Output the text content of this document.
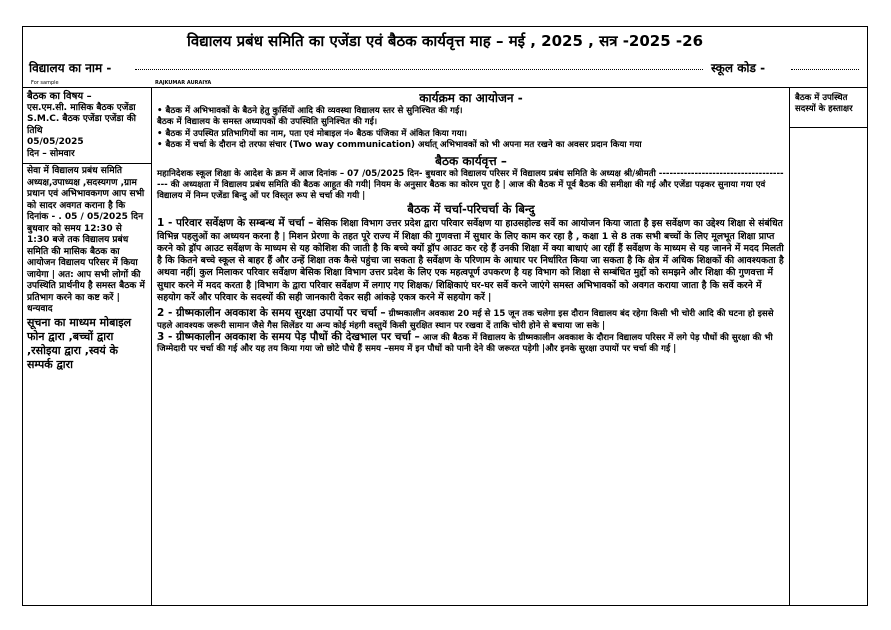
विद्यालय प्रबंध समिति का एजेंडा एवं बैठक कार्यवृत्त माह – मई , 2025 , सत्र -2025 -26
विद्यालय का नाम -	स्कूल कोड -
For sample	RAJKUMAR AURAIYA
बैठक का विषय –
एस.एम.सी. मासिक बैठक एजेंडा S.M.C. बैठक एजेंडा एजेंडा की तिथि
05/05/2025
दिन – सोमवार
सेवा में विद्यालय प्रबंध समिति अध्यक्ष,उपाध्यक्ष ,सदस्यगण ,ग्राम प्रधान एवं अभिभावकगण आप सभी को सादर अवगत कराना है कि दिनांक - . 05 / 05/2025 दिन बुधवार को समय 12:30 से 1:30 बजे तक विद्यालय प्रबंध समिति की मासिक बैठक का आयोजन विद्यालय परिसर में किया जायेगा | अत: आप सभी लोगों की उपस्थिति प्रार्थनीय है समस्त बैठक में प्रतिभाग करने का कष्ट करें |
धन्यवाद
सूचना का माध्यम मोबाइल फोन द्वारा ,बच्चों द्वारा ,रसोइया द्वारा ,स्वयं के सम्पर्क द्वारा
बैठक में उपस्थित सदस्यों के हस्ताक्षर
कार्यक्रम का आयोजन -

• बैठक में अभिभावकों के बैठने हेतु कुर्सियों आदि की व्यवस्था विद्यालय स्तर से सुनिश्चित की गई।

बैठक में विद्यालय के समस्त अध्यापकों की उपस्थिति सुनिश्चित की गई।

• बैठक में उपस्थित प्रतिभागियों का नाम, पता एवं मोबाइल नं० बैठक पंजिका में अंकित किया गया।

• बैठक में चर्चा के दौरान दो तरफा संचार (Two way communication) अर्थात् अभिभावकों को भी अपना मत रखने का अवसर प्रदान किया गया

बैठक कार्यवृत्त –

महानिदेशक स्कूल शिक्षा के आदेश के क्रम में आज दिनांक – 07 /05/2025 दिन- बुधवार को विद्यालय परिसर में विद्यालय प्रबंध समिति के अध्यक्ष श्री/श्रीमती -------------------------------------- की अध्यक्षता में विद्यालय प्रबंध समिति की बैठक आहूत की गयी| नियम के अनुसार बैठक का कोरम पूरा है | आज की बैठक में पूर्व बैठक की समीक्षा की गई और एजेंडा पढ़कर सुनाया गया एवं विद्यालय में निम्न एजेंडा बिन्दु ओं पर विस्तृत रूप से चर्चा की गयी |

बैठक में चर्चा-परिचर्चा के बिन्दु

1 - परिवार सर्वेक्षण के सम्बन्ध में चर्चा – बेसिक शिक्षा विभाग उत्तर प्रदेश द्वारा परिवार सर्वेक्षण या हाउसहोल्ड सर्वे का आयोजन किया जाता है इस सर्वेक्षण का उद्देश्य शिक्षा से संबंधित विभिन्न पहलुओं का अध्ययन करना है | मिशन प्रेरणा के तहत पूरे राज्य में शिक्षा की गुणवत्ता में सुधार के लिए काम कर रहा है , कक्षा 1 से 8 तक सभी बच्चों के लिए मूलभूत शिक्षा प्राप्त करने को ड्रॉप आउट सर्वेक्षण के माध्यम से यह कोशिश की जाती है कि बच्चे क्यों ड्रॉप आउट कर रहे हैं उनकी शिक्षा में क्या बाधाएं आ रहीं हैं सर्वेक्षण के माध्यम से यह जानने में मदद मिलती है कि कितने बच्चे स्कूल से बाहर हैं और उन्हें शिक्षा तक कैसे पहुंचा जा सकता है सर्वेक्षण के परिणाम के आधार पर निर्धारित किया जा सकता है कि क्षेत्र में अधिक शिक्षकों की आवश्यकता है अथवा नहीं| कुल मिलाकर परिवार सर्वेक्षण बेसिक शिक्षा विभाग उत्तर प्रदेश के लिए एक महत्वपूर्ण उपकरण है यह विभाग को शिक्षा से सम्बंधित मुद्दों को समझने और शिक्षा की गुणवत्ता में सुधार करने में मदद करता है |विभाग के द्वारा परिवार सर्वेक्षण में लगाए गए शिक्षक/ शिक्षिकाएं घर-घर सर्वे करने जाएंगे समस्त अभिभावकों को अवगत कराया जाता है कि सर्वे करने में सहयोग करें और परिवार के सदस्यों की सही जानकारी देकर सही आंकड़े एकत्र करने में सहयोग करें |

2 - ग्रीष्मकालीन अवकाश के समय सुरक्षा उपायों पर चर्चा – ग्रीष्मकालीन अवकाश 20 मई से 15 जून तक चलेगा इस दौरान विद्यालय बंद रहेगा किसी भी चोरी आदि की घटना हो इससे पहले आवश्यक जरूरी सामान जैसे गैस सिलेंडर या अन्य कोई मंहगी वस्तुयें किसी सुरक्षित स्थान पर रखवा दें ताकि चोरी होने से बचाया जा सके |

3 - ग्रीष्मकालीन अवकाश के समय पेड़ पौधों की देखभाल पर चर्चा – आज की बैठक में विद्यालय के ग्रीष्मकालीन अवकाश के दौरान विद्यालय परिसर में लगे पेड़ पौधों की सुरक्षा की भी जिम्मेदारी पर चर्चा की गई और यह तय किया गया जो छोटे पौधे हैं समय –समय में इन पौधों को पानी देने की जरूरत पड़ेगी |और इनके सुरक्षा उपायों पर चर्चा की गई |
